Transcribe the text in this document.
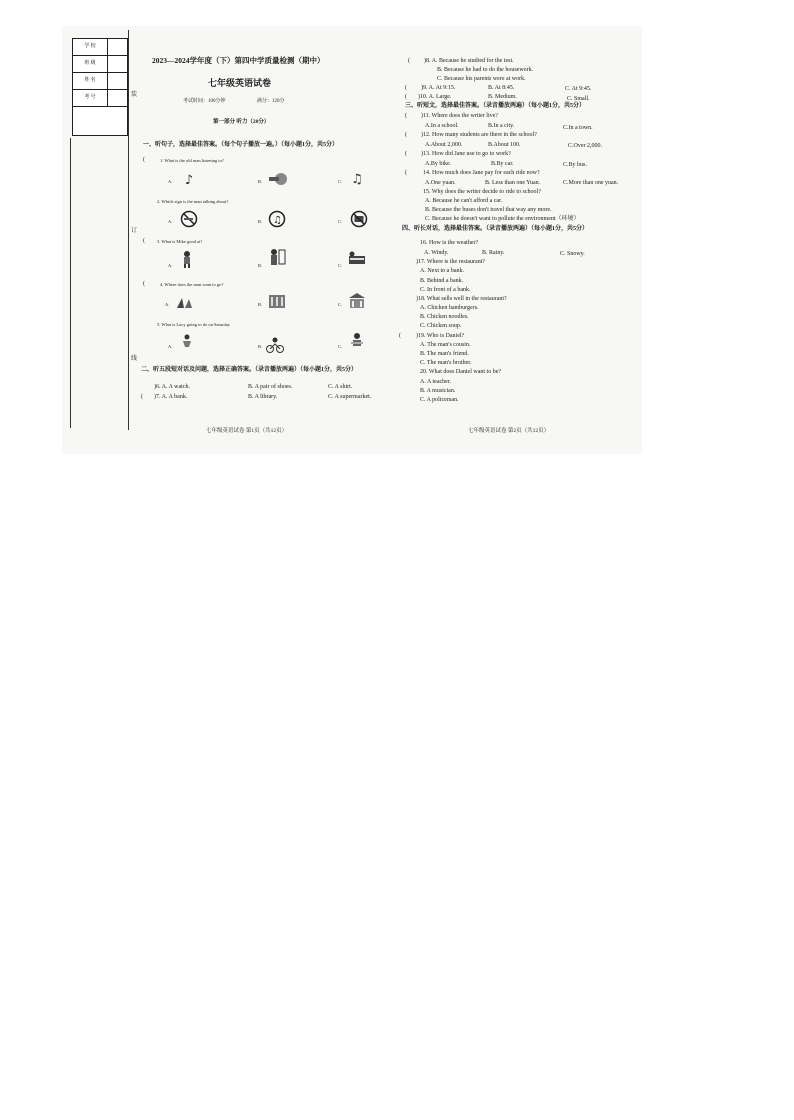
学 校
班 级
姓 名
考 号	装
订
线
2023—2024学年度（下）第四中学质量检测（期中）
七年级英语试卷
考试时间：100分钟	满分：120分
第一部分 听力（20分）
一、听句子，选择最佳答案。（每个句子播放一遍。）（每小题1分，共5分）
(	1. What is the old man listening to?
A. ♪	B.	C. ♫
2. Which sign is the man talking about?
A.	B. ♫	C.
(	3. What is Mike good at?
A.	B.	C.
(	4. Where does the man want to go?
A.	B.	C.
5. What is Lucy going to do on Saturday
A.	B.	C.
二、听五段短对话及问题，选择正确答案。（录音播放两遍）（每小题1分，共5分）
)6. A. A watch.	B. A pair of shoes.	C. A shirt.
( )7. A. A bank.	B. A library.	C. A supermarket.
七年级英语试卷 第1页（共12页）
( )8. A. Because he studied for the test.
B. Because he had to do the housework.
C. Because his parents were at work.
( )9. A. At 9:15.	B. At 8:45.	C. At 9:45.
( )10. A. Large.	B. Medium.	C. Small.
三、听短文，选择最佳答案。（录音播放两遍）（每小题1分，共5分）
( )11. Where does the writer live?
A.In a school.	B.In a city.	C.In a town.
( )12. How many students are there in the school?
A.About 2,000.	B.About 100.	C.Over 2,000.
( )13. How did Jane use to go to work?
A.By bike.	B.By car.	C.By bus.
(	14. How much does Jane pay for each ride now?
A.One yuan.	B. Less than one Yuan.	C.More than one yuan.
15. Why does the writer decide to ride to school?
A. Because he can't afford a car.
B. Because the buses don't travel that way any more.
C. Because he doesn't want to pollute the environment（环境）
四、听长对话，选择最佳答案。（录音播放两遍）（每小题1分，共5分）
16. How is the weather?
A. Windy.	B. Rainy.	C. Snowy.
)17. Where is the restaurant?
A. Next to a bank.
B. Behind a bank.
C. In front of a bank.
)18. What sells well in the restaurant?
A. Chicken hamburgers.
B. Chicken noodles.
C. Chicken soup.
(	)19. Who is Daniel?
A. The man's cousin.
B. The man's friend.
C. The man's brother.
20. What does Daniel want to be?
A. A teacher.
B. A musician.
C. A policeman.
七年级英语试卷 第2页（共12页）
